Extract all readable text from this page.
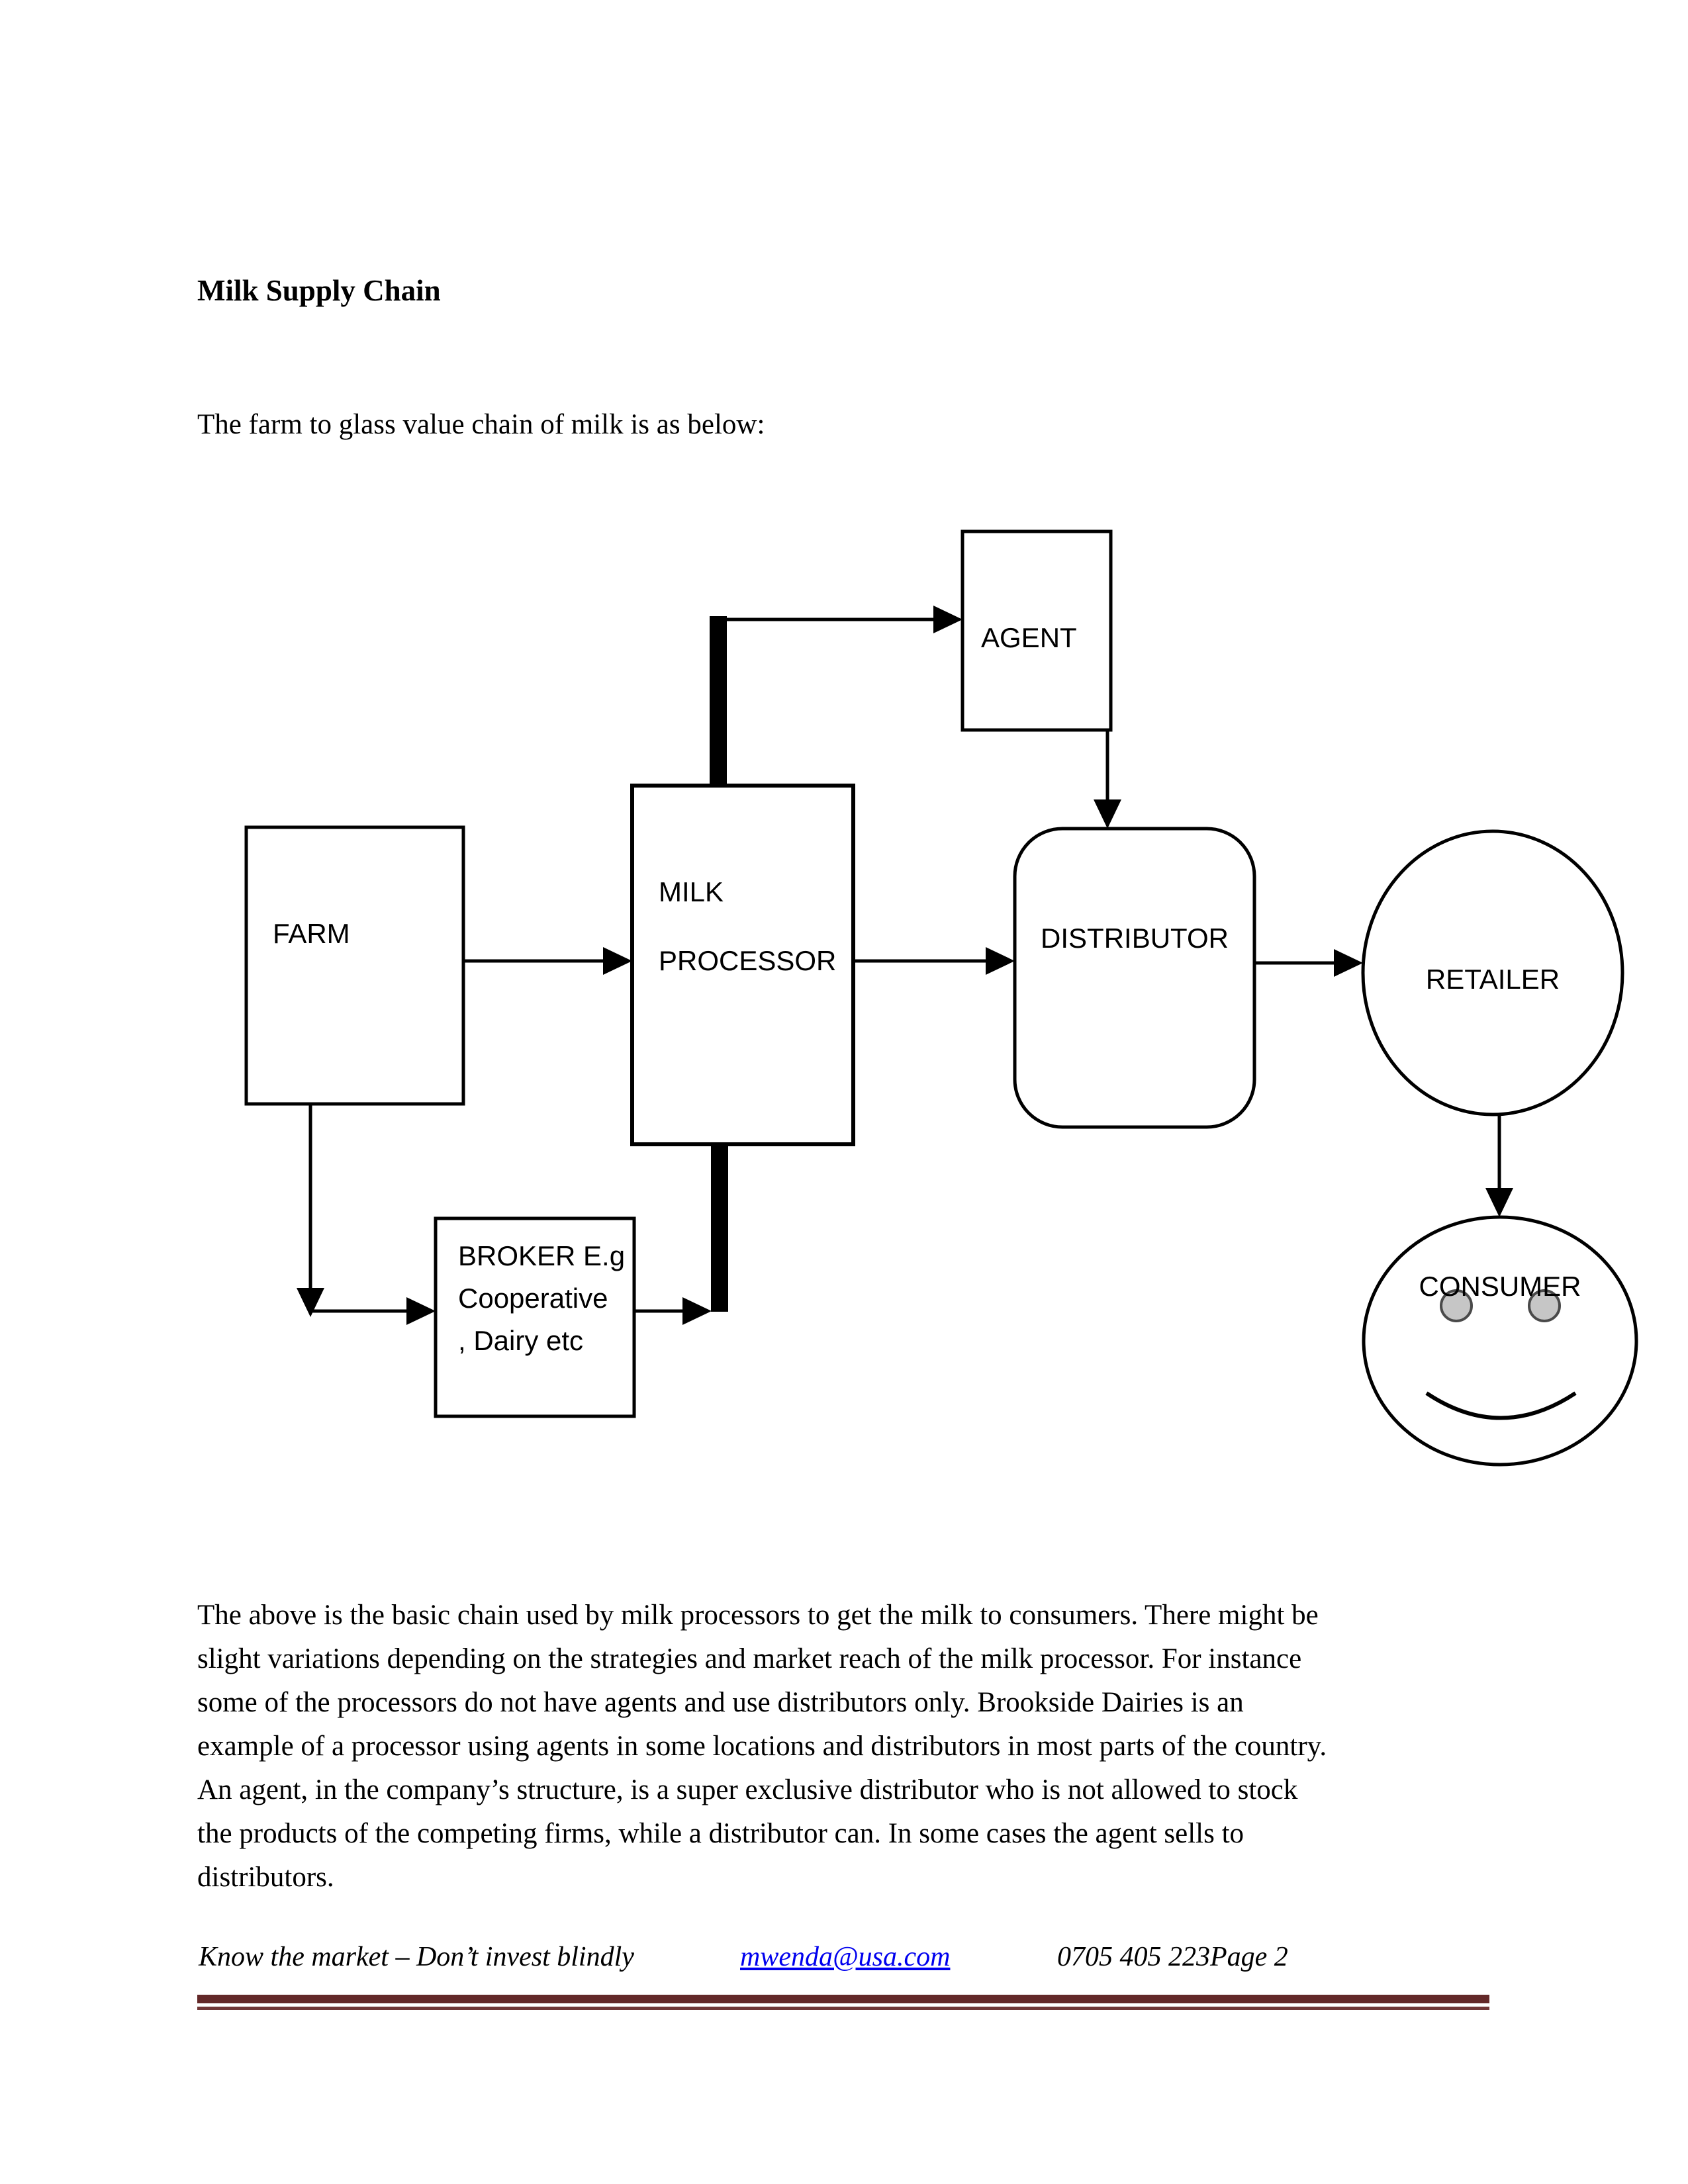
Milk Supply Chain

The farm to glass value chain of milk is as below:

AGENT
FARM
MILK
PROCESSOR
DISTRIBUTOR
RETAILER
BROKER E.g
Cooperative
, Dairy etc
CONSUMER
The above is the basic chain used by milk processors to get the milk to consumers. There might be
slight variations depending on the strategies and market reach of the milk processor. For instance
some of the processors do not have agents and use distributors only. Brookside Dairies is an
example of a processor using agents in some locations and distributors in most parts of the country.
An agent, in the company’s structure, is a super exclusive distributor who is not allowed to stock
the products of the competing firms, while a distributor can. In some cases the agent sells to
distributors.
Know the market – Don’t invest blindly	mwenda@usa.com	0705 405 223Page 2
